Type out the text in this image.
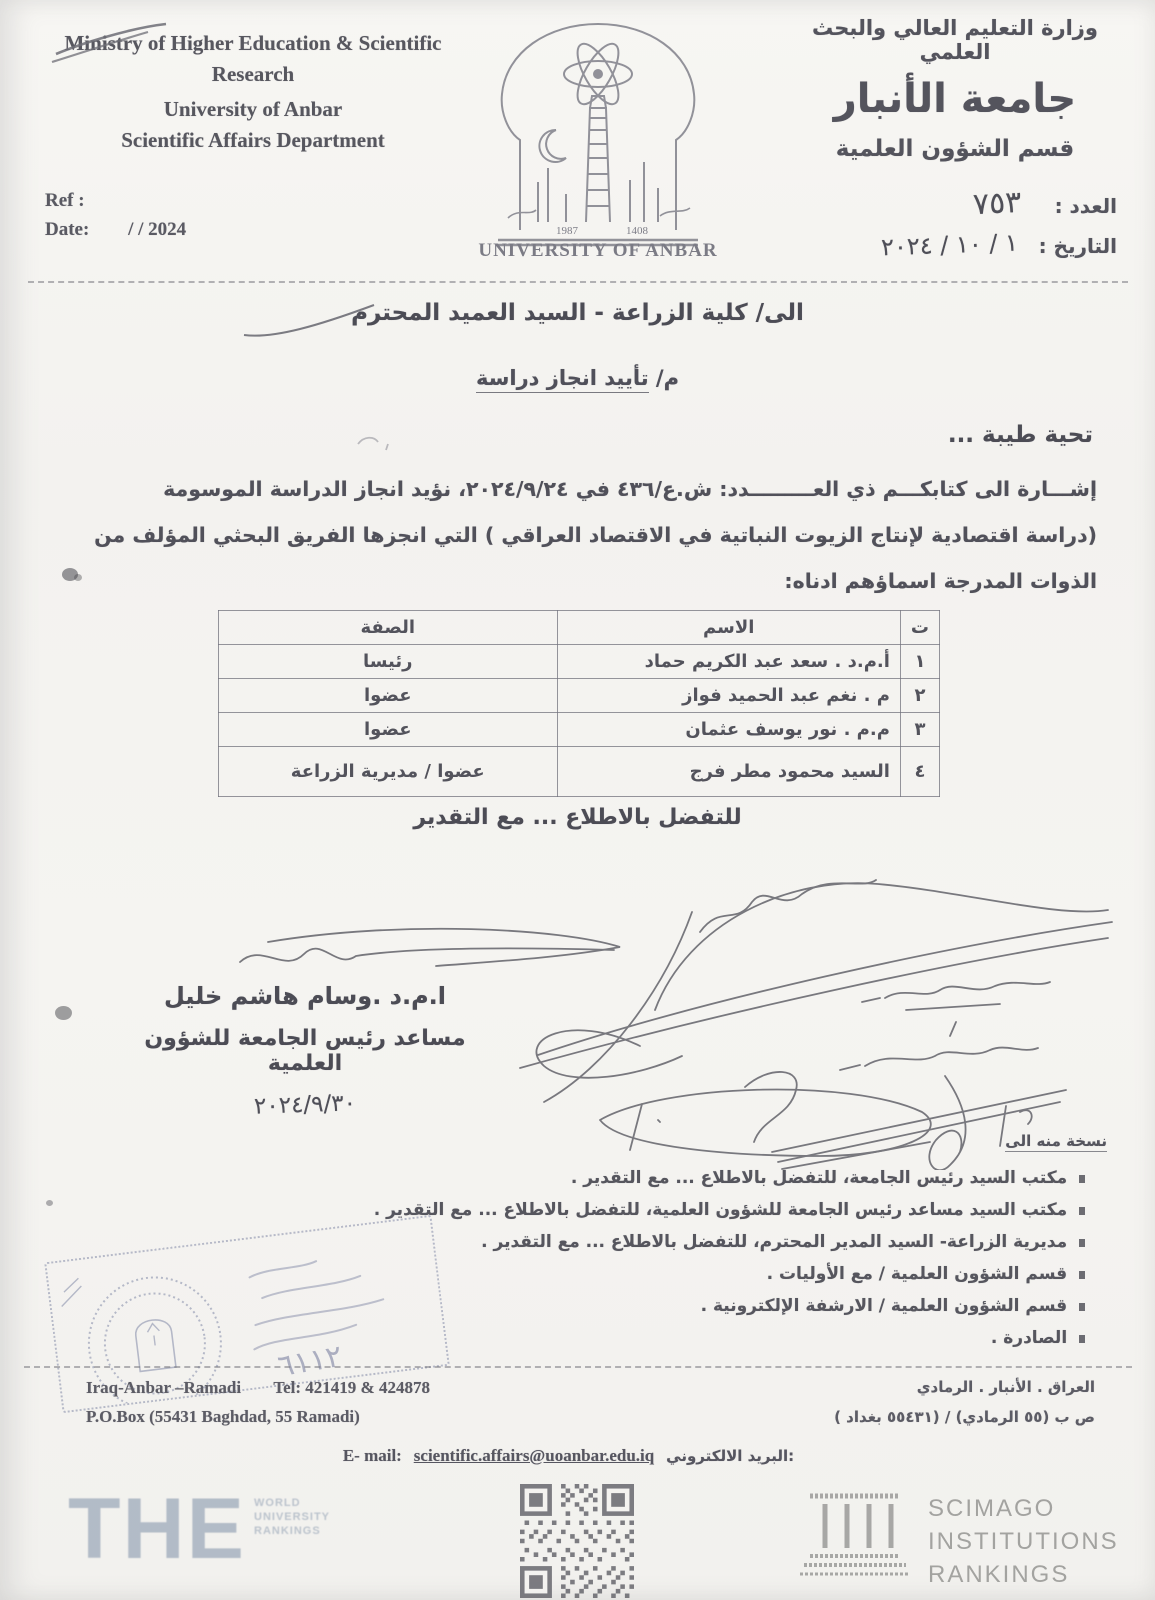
Ministry
of Higher Education & Scientific
Research
University of Anbar
Scientific Affairs Department
1987	1408
UNIVERSITY OF ANBAR
وزارة التعليم العالي والبحث العلمي
جامعة الأنبار
قسم الشؤون العلمية
Ref :
Date: / / 2024
العدد : ٧٥٣
التاريخ : ١ / ١٠ / ٢٠٢٤
الى/ كلية الزراعة - السيد العميد المحترم
م/ تأييد انجاز دراسة
تحية طيبة ...
إشـــارة الى كتابكـــم ذي العـــــــــدد: ش.ع/٤٣٦ في ٢٠٢٤/٩/٢٤، نؤيد انجاز الدراسة الموسومة
(دراسة اقتصادية لإنتاج الزيوت النباتية في الاقتصاد العراقي ) التي انجزها الفريق البحثي المؤلف من
الذوات المدرجة اسماؤهم ادناه:
ت	الاسم	الصفة
١	أ.م.د . سعد عبد الكريم حماد	رئيسا
٢	م . نغم عبد الحميد فواز	عضوا
٣	م.م . نور يوسف عثمان	عضوا
٤	السيد محمود مطر فرج	عضوا / مديرية الزراعة
للتفضل بالاطلاع ... مع التقدير
ا.م.د .وسام هاشم خليل
مساعد رئيس الجامعة للشؤون العلمية
٢٠٢٤/٩/٣٠
نسخة منه الى
مكتب السيد رئيس الجامعة، للتفضل بالاطلاع ... مع التقدير .
مكتب السيد مساعد رئيس الجامعة للشؤون العلمية، للتفضل بالاطلاع ... مع التقدير .
مديرية الزراعة- السيد المدير المحترم، للتفضل بالاطلاع ... مع التقدير .
قسم الشؤون العلمية / مع الأوليات .
قسم الشؤون العلمية / الارشفة الإلكترونية .
الصادرة .
٦١١٢
Iraq-Anbar –Ramadi Tel: 421419 & 424878
P.O.Box (55431 Baghdad, 55 Ramadi)
العراق . الأنبار . الرمادي
ص ب (٥٥ الرمادي) / (٥٥٤٣١ بغداد )
E- mail: scientific.affairs@uoanbar.edu.iq البريد الالكتروني:
THE WORLD
UNIVERSITY
RANKINGS
SCIMAGO
INSTITUTIONS
RANKINGS
